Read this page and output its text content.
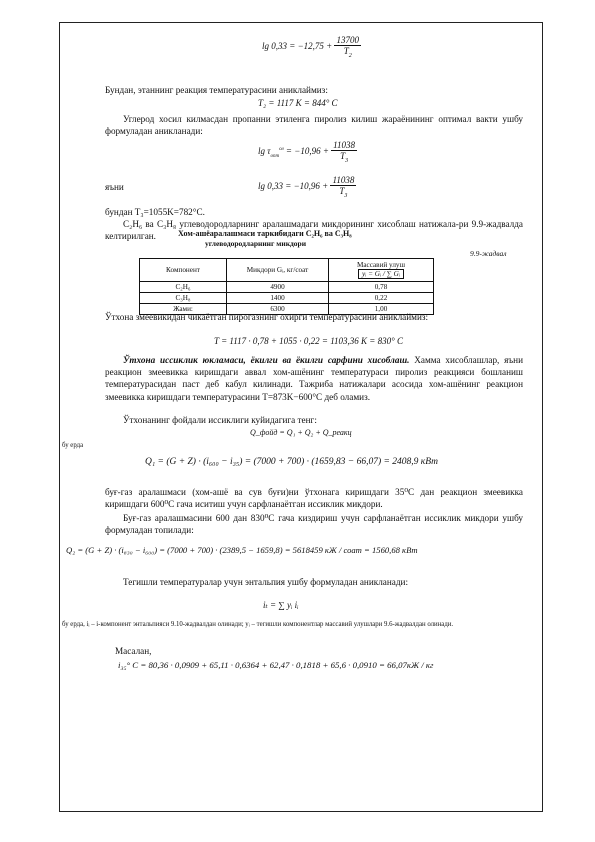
$\lg 0,33 = -12,75 + \frac{13700}{T_2}$
Бундан, этаннинг реакция температурасини аниклаймиз:
T₂ = 1117 K = 844° C
Углерод хосил килмасдан пропанни этиленга пиролиз килиш жараёнининг оптимал вакти ушбу формуладан аникланади:
$\lg \tau_{опт}^{ол} = -10,96 + \frac{11038}{T_3}$
яъни	$\lg 0,33 = -10,96 + \frac{11038}{T_3}$
бундан T₃=1055K=782°C.
C₂H₆ ва C₃H₈ углеводородларнинг аралашмадаги микдорининг хисоблаш натижала-ри 9.9-жадвалда келтирилган.	Хом-ашёаралашмаси таркибидаги C₂H₆ ва C₃H₈
углеводородларнинг микдори
9.9-жадвал
Компонент	Микдори Gᵢ, кг/соат	Массавий улуш
yᵢ = Gᵢ / ∑ Gᵢ
C₂H₆	4900	0,78
C₃H₈	1400	0,22
Жами:	6300	1,00
Ўтхона змеевикидан чикаётган пирогазнинг охирги температурасини аниклаймиз:
T = 1117 · 0,78 + 1055 · 0,22 = 1103,36 K = 830° C
Ўтхона иссиклик юкламаси, ёкилги ва ёкилги сарфини хисоблаш. Хамма хисоблашлар, яъни реакцион змеевикка киришдаги аввал хом-ашёнинг температураси пиролиз реакцияси бошланиш температурасидан паст деб кабул килинади. Тажриба натижалари асосида хом-ашёнинг реакцион змеевикка киришдаги температурасини T=873K−600°C деб оламиз.
Ўтхонанинг фойдали иссиклиги куйидагига тенг:
Q_фойд = Q₁ + Q₂ + Q_реакц
бу ерда
Q₁ = (G + Z) · (i₆₀₀ − i₃₅) = (7000 + 700) · (1659,83 − 66,07) = 2408,9 кВт
буғ-газ аралашмаси (хом-ашё ва сув буғи)ни ўтхонага киришдаги 35⁰С дан реакцион змеевикка киришдаги 600⁰С гача иситиш учун сарфланаётган иссиклик микдори.
Буғ-газ аралашмасини 600 дан 830⁰С гача киздириш учун сарфланаётган иссиклик микдори ушбу формуладан топилади:
Q₂ = (G + Z) · (i₈₃₀ − i₆₀₀) = (7000 + 700) · (2389,5 − 1659,8) = 5618459 кЖ / соат = 1560,68 кВт
Тегишли температуралар учун энтальпия ушбу формуладан аникланади:
iₜ = ∑ yᵢ iᵢ
бу ерда, iᵢ – i-компонент энтальпияси 9.10-жадвалдан олинади; yᵢ – тегишли компонентлар массавий улушлари 9.6-жадвалдан олинади.
Масалан,
i₃₅° C = 80,36 · 0,0909 + 65,11 · 0,6364 + 62,47 · 0,1818 + 65,6 · 0,0910 = 66,07кЖ / кг
